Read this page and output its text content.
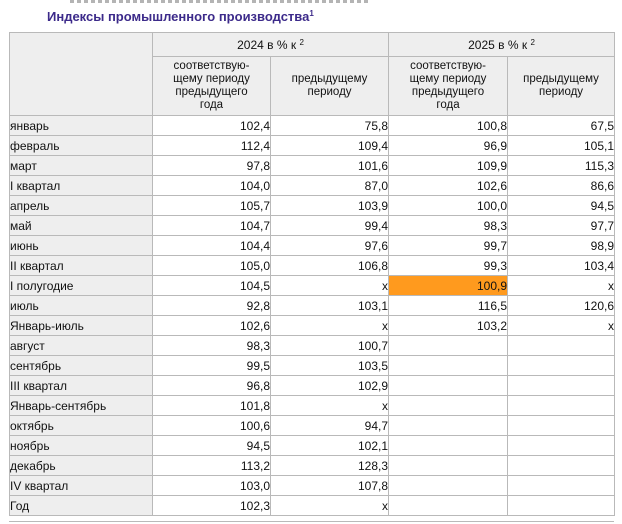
Индексы промышленного производства$^1$
	2024 в % к $^2$		2025 в % к $^2$
	соответствую-
щему периоду
предыдущего
года	предыдущему
периоду	соответствую-
щему периоду
предыдущего
года	предыдущему
периоду
январь	102,4	75,8	100,8	67,5
февраль	112,4	109,4	96,9	105,1
март	97,8	101,6	109,9	115,3
I квартал	104,0	87,0	102,6	86,6
апрель	105,7	103,9	100,0	94,5
май	104,7	99,4	98,3	97,7
июнь	104,4	97,6	99,7	98,9
II квартал	105,0	106,8	99,3	103,4
I полугодие	104,5	x	100,9	x
июль	92,8	103,1	116,5	120,6
Январь-июль	102,6	x	103,2	x
август	98,3	100,7		
сентябрь	99,5	103,5		
III квартал	96,8	102,9		
Январь-сентябрь	101,8	x		
октябрь	100,6	94,7		
ноябрь	94,5	102,1		
декабрь	113,2	128,3		
IV квартал	103,0	107,8		
Год	102,3	x		
